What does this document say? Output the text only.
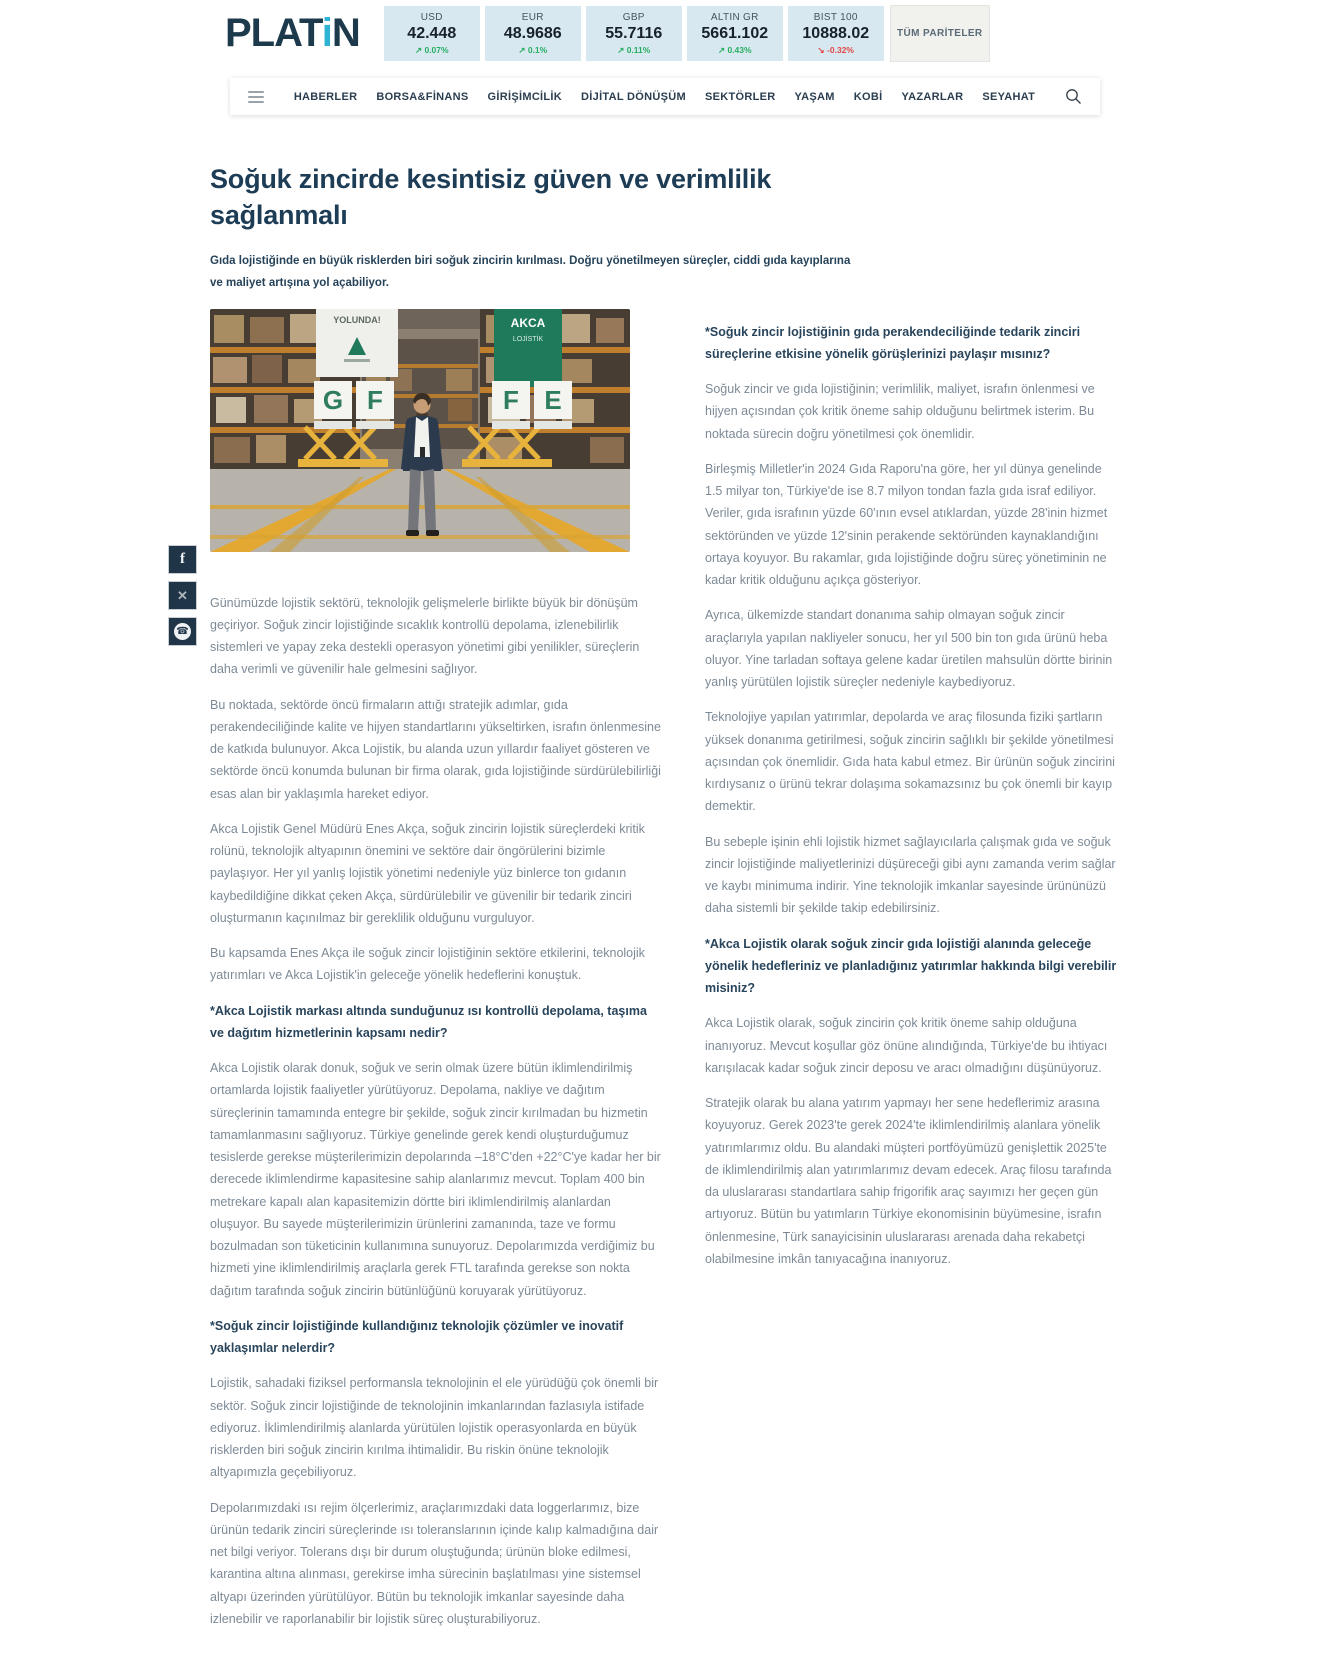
PLATiN	USD
42.448
↗ 0.07%
EUR
48.9686
↗ 0.1%
GBP
55.7116
↗ 0.11%
ALTIN GR
5661.102
↗ 0.43%
BIST 100
10888.02
↘ -0.32%
TÜM PARİTELER
HABERLER BORSA&FİNANS GİRİŞİMCİLİK DİJİTAL DÖNÜŞÜM SEKTÖRLER YAŞAM KOBİ YAZARLAR SEYAHAT
f
✕
☎
Soğuk zincirde kesintisiz güven ve verimlilik sağlanmalı

Gıda lojistiğinde en büyük risklerden biri soğuk zincirin kırılması. Doğru yönetilmeyen süreçler, ciddi gıda kayıplarına ve maliyet artışına yol açabiliyor.

YOLUNDA!	AKCA
LOJİSTİK
G F	F E

Günümüzde lojistik sektörü, teknolojik gelişmelerle birlikte büyük bir dönüşüm geçiriyor. Soğuk zincir lojistiğinde sıcaklık kontrollü depolama, izlenebilirlik sistemleri ve yapay zeka destekli operasyon yönetimi gibi yenilikler, süreçlerin daha verimli ve güvenilir hale gelmesini sağlıyor.

Bu noktada, sektörde öncü firmaların attığı stratejik adımlar, gıda perakendeciliğinde kalite ve hijyen standartlarını yükseltirken, israfın önlenmesine de katkıda bulunuyor. Akca Lojistik, bu alanda uzun yıllardır faaliyet gösteren ve sektörde öncü konumda bulunan bir firma olarak, gıda lojistiğinde sürdürülebilirliği esas alan bir yaklaşımla hareket ediyor.

Akca Lojistik Genel Müdürü Enes Akça, soğuk zincirin lojistik süreçlerdeki kritik rolünü, teknolojik altyapının önemini ve sektöre dair öngörülerini bizimle paylaşıyor. Her yıl yanlış lojistik yönetimi nedeniyle yüz binlerce ton gıdanın kaybedildiğine dikkat çeken Akça, sürdürülebilir ve güvenilir bir tedarik zinciri oluşturmanın kaçınılmaz bir gereklilik olduğunu vurguluyor.

Bu kapsamda Enes Akça ile soğuk zincir lojistiğinin sektöre etkilerini, teknolojik yatırımları ve Akca Lojistik'in geleceğe yönelik hedeflerini konuştuk.

*Akca Lojistik markası altında sunduğunuz ısı kontrollü depolama, taşıma ve dağıtım hizmetlerinin kapsamı nedir?

Akca Lojistik olarak donuk, soğuk ve serin olmak üzere bütün iklimlendirilmiş ortamlarda lojistik faaliyetler yürütüyoruz. Depolama, nakliye ve dağıtım süreçlerinin tamamında entegre bir şekilde, soğuk zincir kırılmadan bu hizmetin tamamlanmasını sağlıyoruz. Türkiye genelinde gerek kendi oluşturduğumuz tesislerde gerekse müşterilerimizin depolarında –18°C'den +22°C'ye kadar her bir derecede iklimlendirme kapasitesine sahip alanlarımız mevcut. Toplam 400 bin metrekare kapalı alan kapasitemizin dörtte biri iklimlendirilmiş alanlardan oluşuyor. Bu sayede müşterilerimizin ürünlerini zamanında, taze ve formu bozulmadan son tüketicinin kullanımına sunuyoruz. Depolarımızda verdiğimiz bu hizmeti yine iklimlendirilmiş araçlarla gerek FTL tarafında gerekse son nokta dağıtım tarafında soğuk zincirin bütünlüğünü koruyarak yürütüyoruz.

*Soğuk zincir lojistiğinde kullandığınız teknolojik çözümler ve inovatif yaklaşımlar nelerdir?

Lojistik, sahadaki fiziksel performansla teknolojinin el ele yürüdüğü çok önemli bir sektör. Soğuk zincir lojistiğinde de teknolojinin imkanlarından fazlasıyla istifade ediyoruz. İklimlendirilmiş alanlarda yürütülen lojistik operasyonlarda en büyük risklerden biri soğuk zincirin kırılma ihtimalidir. Bu riskin önüne teknolojik altyapımızla geçebiliyoruz.

Depolarımızdaki ısı rejim ölçerlerimiz, araçlarımızdaki data loggerlarımız, bize ürünün tedarik zinciri süreçlerinde ısı toleranslarının içinde kalıp kalmadığına dair net bilgi veriyor. Tolerans dışı bir durum oluştuğunda; ürünün bloke edilmesi, karantina altına alınması, gerekirse imha sürecinin başlatılması yine sistemsel altyapı üzerinden yürütülüyor. Bütün bu teknolojik imkanlar sayesinde daha izlenebilir ve raporlanabilir bir lojistik süreç oluşturabiliyoruz.

*Soğuk zincir lojistiğinin gıda perakendeciliğinde tedarik zinciri süreçlerine etkisine yönelik görüşlerinizi paylaşır mısınız?

Soğuk zincir ve gıda lojistiğinin; verimlilik, maliyet, israfın önlenmesi ve hijyen açısından çok kritik öneme sahip olduğunu belirtmek isterim. Bu noktada sürecin doğru yönetilmesi çok önemlidir.

Birleşmiş Milletler'in 2024 Gıda Raporu'na göre, her yıl dünya genelinde 1.5 milyar ton, Türkiye'de ise 8.7 milyon tondan fazla gıda israf ediliyor. Veriler, gıda israfının yüzde 60'ının evsel atıklardan, yüzde 28'inin hizmet sektöründen ve yüzde 12'sinin perakende sektöründen kaynaklandığını ortaya koyuyor. Bu rakamlar, gıda lojistiğinde doğru süreç yönetiminin ne kadar kritik olduğunu açıkça gösteriyor.

Ayrıca, ülkemizde standart donanıma sahip olmayan soğuk zincir araçlarıyla yapılan nakliyeler sonucu, her yıl 500 bin ton gıda ürünü heba oluyor. Yine tarladan softaya gelene kadar üretilen mahsulün dörtte birinin yanlış yürütülen lojistik süreçler nedeniyle kaybediyoruz.

Teknolojiye yapılan yatırımlar, depolarda ve araç filosunda fiziki şartların yüksek donanıma getirilmesi, soğuk zincirin sağlıklı bir şekilde yönetilmesi açısından çok önemlidir. Gıda hata kabul etmez. Bir ürünün soğuk zincirini kırdıysanız o ürünü tekrar dolaşıma sokamazsınız bu çok önemli bir kayıp demektir.

Bu sebeple işinin ehli lojistik hizmet sağlayıcılarla çalışmak gıda ve soğuk zincir lojistiğinde maliyetlerinizi düşüreceği gibi aynı zamanda verim sağlar ve kaybı minimuma indirir. Yine teknolojik imkanlar sayesinde ürününüzü daha sistemli bir şekilde takip edebilirsiniz.

*Akca Lojistik olarak soğuk zincir gıda lojistiği alanında geleceğe yönelik hedefleriniz ve planladığınız yatırımlar hakkında bilgi verebilir misiniz?

Akca Lojistik olarak, soğuk zincirin çok kritik öneme sahip olduğuna inanıyoruz. Mevcut koşullar göz önüne alındığında, Türkiye'de bu ihtiyacı karışılacak kadar soğuk zincir deposu ve aracı olmadığını düşünüyoruz.

Stratejik olarak bu alana yatırım yapmayı her sene hedeflerimiz arasına koyuyoruz. Gerek 2023'te gerek 2024'te iklimlendirilmiş alanlara yönelik yatırımlarımız oldu. Bu alandaki müşteri portföyümüzü genişlettik 2025'te de iklimlendirilmiş alan yatırımlarımız devam edecek. Araç filosu tarafında da uluslararası standartlara sahip frigorifik araç sayımızı her geçen gün artıyoruz. Bütün bu yatımların Türkiye ekonomisinin büyümesine, israfın önlenmesine, Türk sanayicisinin uluslararası arenada daha rekabetçi olabilmesine imkân tanıyacağına inanıyoruz.
